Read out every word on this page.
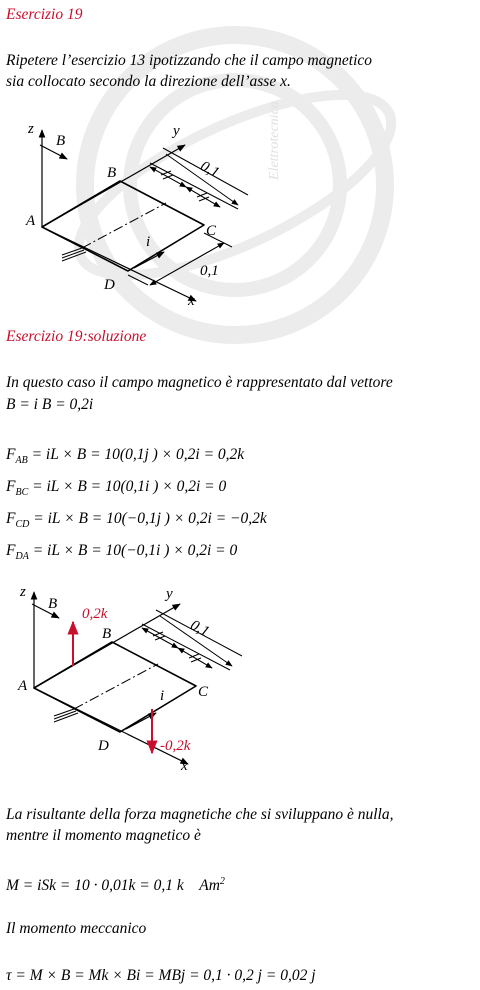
Elettrotecnica
Esercizio 19
Ripetere l’esercizio 13 ipotizzando che il campo magnetico
sia collocato secondo la direzione dell’asse x.
z	y
x
B
A
B
C
D
i
0,1
0,1
Esercizio 19:soluzione
In questo caso il campo magnetico è rappresentato dal vettore
B = i B = 0,2i
$F_{AB}$ = iL × B = 10(0,1j ) × 0,2i = 0,2k
$F_{BC}$ = iL × B = 10(0,1i ) × 0,2i = 0
$F_{CD}$ = iL × B = 10(−0,1j ) × 0,2i = −0,2k
$F_{DA}$ = iL × B = 10(−0,1i ) × 0,2i = 0
z	y
x
B
A
B
C
D
i
0,1
0,2k
-0,2k
La risultante della forza magnetiche che si sviluppano è nulla,
mentre il momento magnetico è
M = iSk = 10 · 0,01k = 0,1 k Am$^2$
Il momento meccanico
τ = M × B = Mk × Bi = MBj = 0,1 · 0,2 j = 0,02 j
